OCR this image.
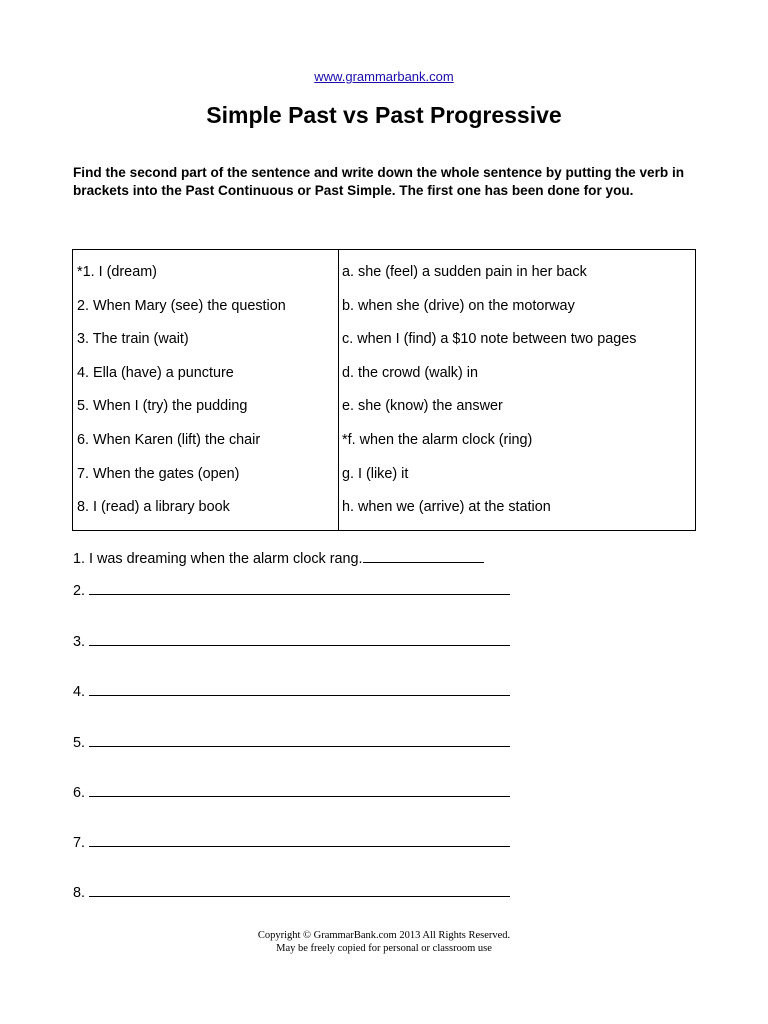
www.grammarbank.com
Simple Past vs Past Progressive

Find the second part of the sentence and write down the whole sentence by putting the verb in brackets into the Past Continuous or Past Simple. The first one has been done for you.

*1. I (dream)
2. When Mary (see) the question
3. The train (wait)
4. Ella (have) a puncture
5. When I (try) the pudding
6. When Karen (lift) the chair
7. When the gates (open)
8. I (read) a library book
a. she (feel) a sudden pain in her back
b. when she (drive) on the motorway
c. when I (find) a $10 note between two pages
d. the crowd (walk) in
e. she (know) the answer
*f. when the alarm clock (ring)
g. I (like) it
h. when we (arrive) at the station
1. I was dreaming when the alarm clock rang.
2.
3.
4.
5.
6.
7.
8.
Copyright © GrammarBank.com 2013 All Rights Reserved.
May be freely copied for personal or classroom use
